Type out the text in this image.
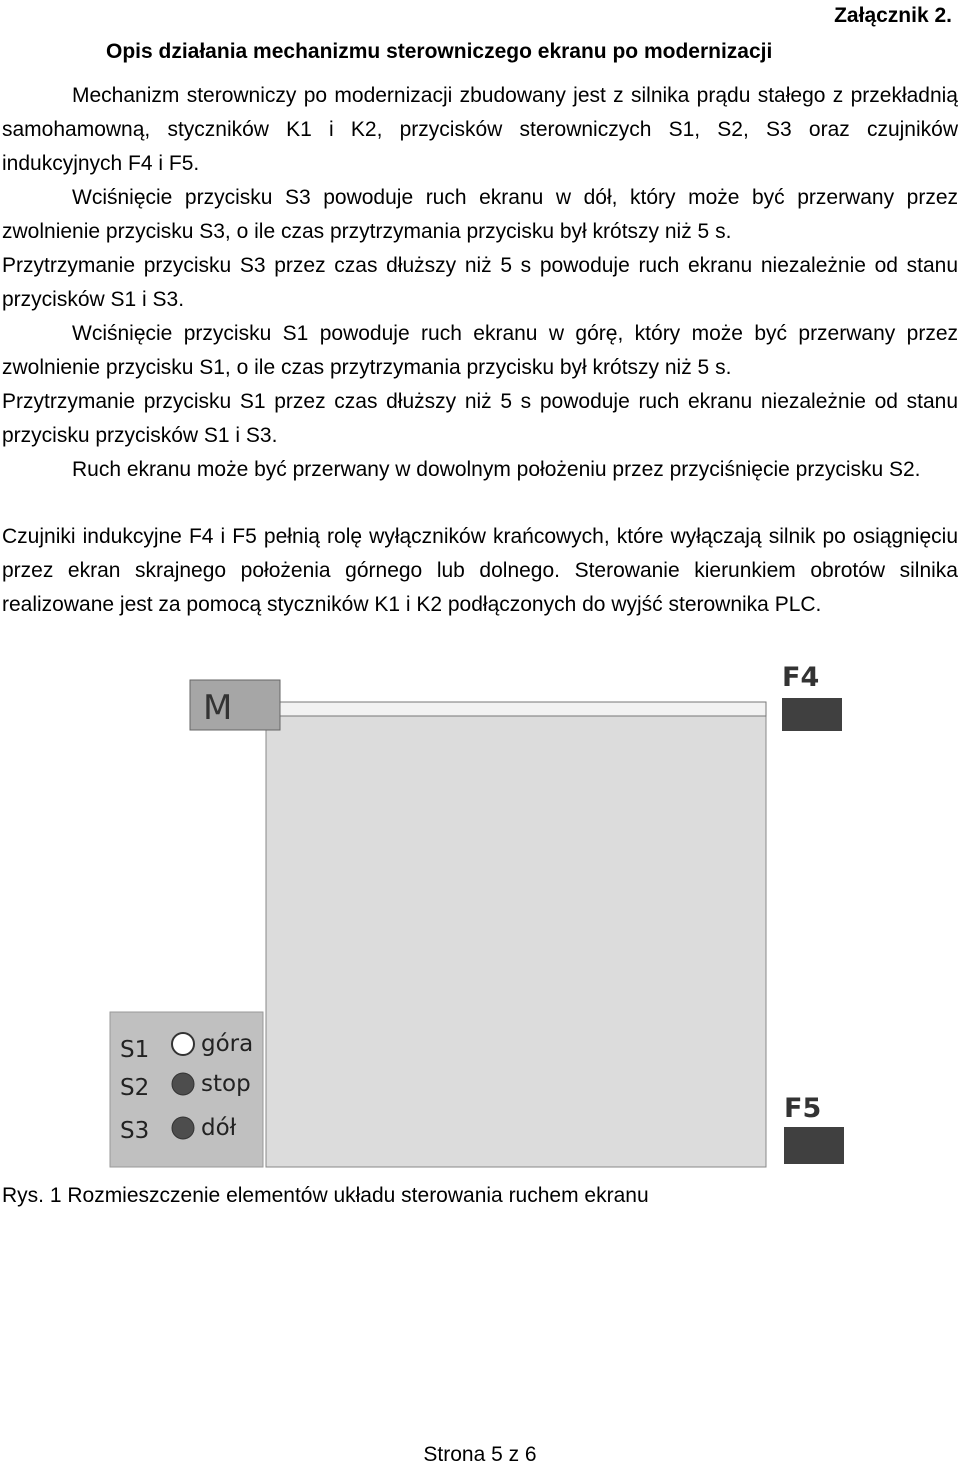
Załącznik 2.
Opis działania mechanizmu sterowniczego ekranu po modernizacji
Mechanizm sterowniczy po modernizacji zbudowany jest z silnika prądu stałego z przekładnią samohamowną, styczników K1 i K2, przycisków sterowniczych S1, S2, S3 oraz czujników indukcyjnych F4 i F5.
Wciśnięcie przycisku S3 powoduje ruch ekranu w dół, który może być przerwany przez zwolnienie przycisku S3, o ile czas przytrzymania przycisku był krótszy niż 5 s.
Przytrzymanie przycisku S3 przez czas dłuższy niż 5 s powoduje ruch ekranu niezależnie od stanu przycisków S1 i S3.
Wciśnięcie przycisku S1 powoduje ruch ekranu w górę, który może być przerwany przez zwolnienie przycisku S1, o ile czas przytrzymania przycisku był krótszy niż 5 s.
Przytrzymanie przycisku S1 przez czas dłuższy niż 5 s powoduje ruch ekranu niezależnie od stanu przycisku przycisków S1 i S3.
Ruch ekranu może być przerwany w dowolnym położeniu przez przyciśnięcie przycisku S2.
Czujniki indukcyjne F4 i F5 pełnią rolę wyłączników krańcowych, które wyłączają silnik po osiągnięciu przez ekran skrajnego położenia górnego lub dolnego. Sterowanie kierunkiem obrotów silnika realizowane jest za pomocą styczników K1 i K2 podłączonych do wyjść sterownika PLC.
M
S1 góra
S2 stop
S3 dół
F4
F5
Rys. 1 Rozmieszczenie elementów układu sterowania ruchem ekranu
Strona 5 z 6
